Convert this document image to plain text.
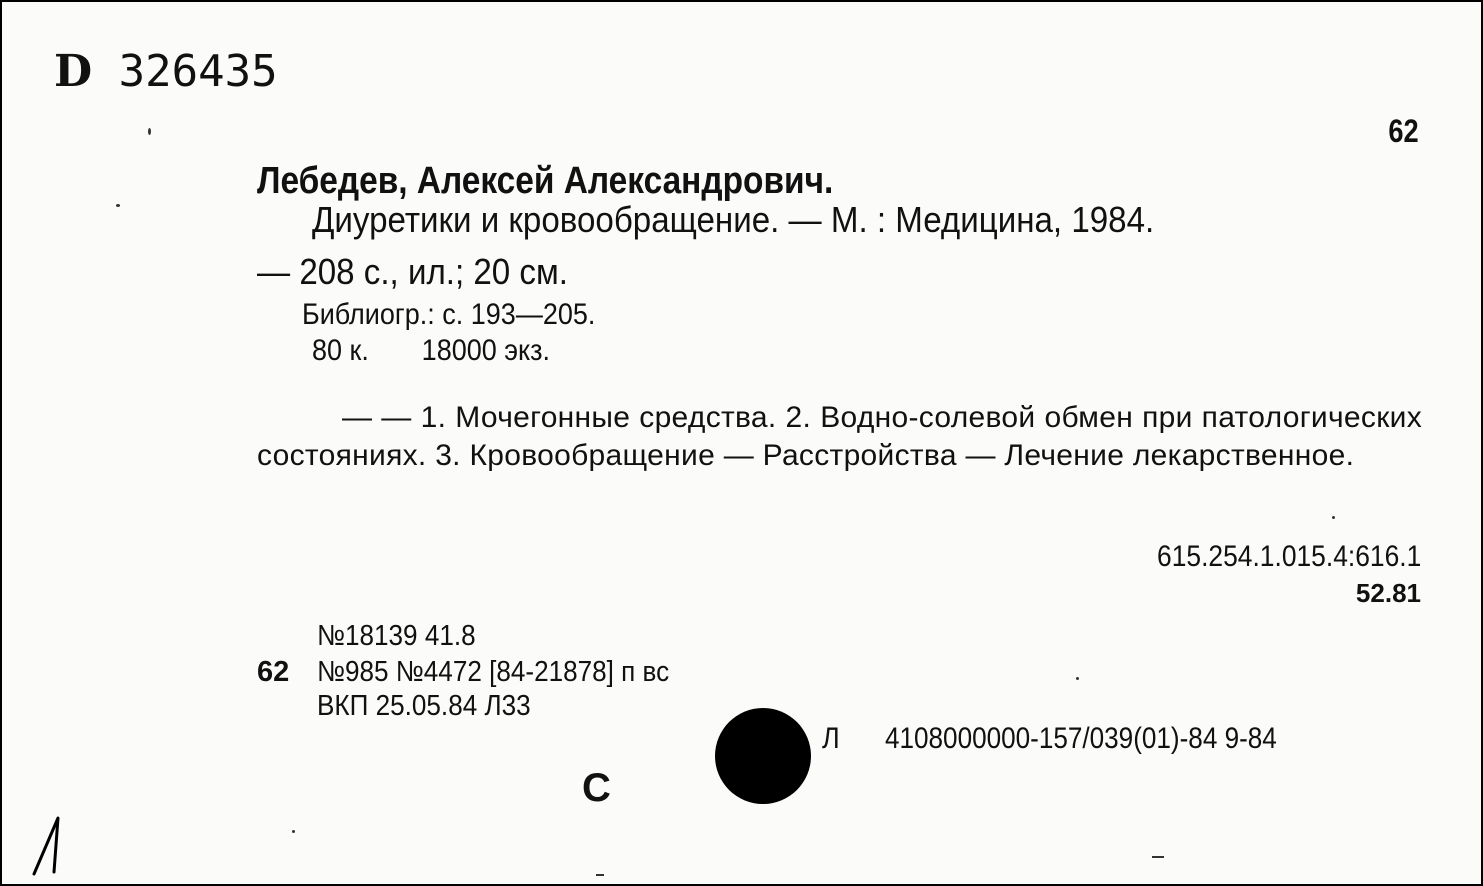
D 326435
62
Лебедев, Алексей Александрович.
Диуретики и кровообращение. — М. : Медицина, 1984.
— 208 с., ил.; 20 см.
Библиогр.: с. 193—205.
80 к. 18000 экз.
— — 1. Мочегонные средства. 2. Водно-солевой обмен при патологических состояниях. 3. Кровообращение — Расстройства — Лечение лекарственное.
615.254.1.015.4:616.1
52.81
№18139 41.8
62 №985 №4472 [84-21878] п вс
ВКП 25.05.84 Л33
Л 4108000000-157/039(01)-84 9-84
С
